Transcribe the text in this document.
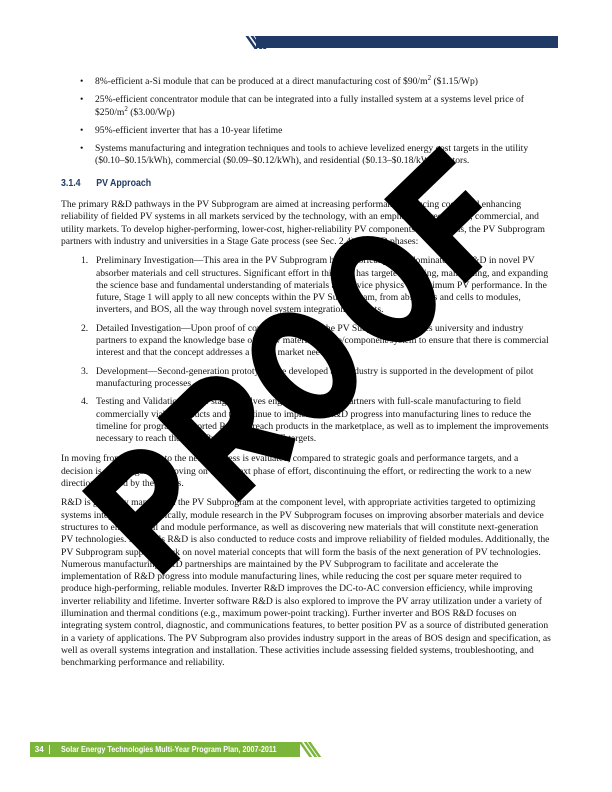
• 8%-efficient a-Si module that can be produced at a direct manufacturing cost of $\$90/m^2$ ($1.15/Wp)
• 25%-efficient concentrator module that can be integrated into a fully installed system at a systems level price of $\$250/m^2$ ($3.00/Wp)
• 95%-efficient inverter that has a 10-year lifetime
• Systems manufacturing and integration techniques and tools to achieve levelized energy cost targets in the utility ($0.10–$0.15/kWh), commercial ($0.09–$0.12/kWh), and residential ($0.13–$0.18/kWh) sectors.
3.1.4 PV Approach

The primary R&D pathways in the PV Subprogram are aimed at increasing performance, reducing costs, and enhancing reliability of fielded PV systems in all markets serviced by the technology, with an emphasis on residential, commercial, and utility markets. To develop higher-performing, lower-cost, higher-reliability PV components and systems, the PV Subprogram partners with industry and universities in a Stage Gate process (see Sec. 2.4) of R&D phases:

1. Preliminary Investigation—This area in the PV Subprogram has historically been dominated by R&D in novel PV absorber materials and cell structures. Significant effort in this area has targeted building, maintaining, and expanding the science base and fundamental understanding of materials and device physics for optimum PV performance. In the future, Stage 1 will apply to all new concepts within the PV Subprogram, from absorbers and cells to modules, inverters, and BOS, all the way through novel system integration concepts.
2. Detailed Investigation—Upon proof of concept in Stage 1, the PV Subprogram engages university and industry partners to expand the knowledge base of a new material/device/component/system to ensure that there is commercial interest and that the concept addresses a viable market need.
3. Development—Second-generation prototypes are developed and industry is supported in the development of pilot manufacturing processes.
4. Testing and Validation—This stage involves engaging industrial partners with full-scale manufacturing to field commercially viable products and to continue to implement R&D progress into manufacturing lines to reduce the timeline for program-supported R&D to reach products in the marketplace, as well as to implement the improvements necessary to reach the Solar Program's PV LCOE targets.

In moving from one phase to the next progress is evaluated, compared to strategic goals and performance targets, and a decision is made regarding moving on to the next phase of effort, discontinuing the effort, or redirecting the work to a new direction dictated by the results.

R&D is generally managed in the PV Subprogram at the component level, with appropriate activities targeted to optimizing systems integration. Specifically, module research in the PV Subprogram focuses on improving absorber materials and device structures to enhance cell and module performance, as well as discovering new materials that will constitute next-generation PV technologies. Materials R&D is also conducted to reduce costs and improve reliability of fielded modules. Additionally, the PV Subprogram supports work on novel material concepts that will form the basis of the next generation of PV technologies. Numerous manufacturing R&D partnerships are maintained by the PV Subprogram to facilitate and accelerate the implementation of R&D progress into module manufacturing lines, while reducing the cost per square meter required to produce high-performing, reliable modules. Inverter R&D improves the DC-to-AC conversion efficiency, while improving inverter reliability and lifetime. Inverter software R&D is also explored to improve the PV array utilization under a variety of illumination and thermal conditions (e.g., maximum power-point tracking). Further inverter and BOS R&D focuses on integrating system control, diagnostic, and communications features, to better position PV as a source of distributed generation in a variety of applications. The PV Subprogram also provides industry support in the areas of BOS design and specification, as well as overall systems integration and installation. These activities include assessing fielded systems, troubleshooting, and benchmarking performance and reliability.

34	Solar Energy Technologies Multi-Year Program Plan, 2007-2011
